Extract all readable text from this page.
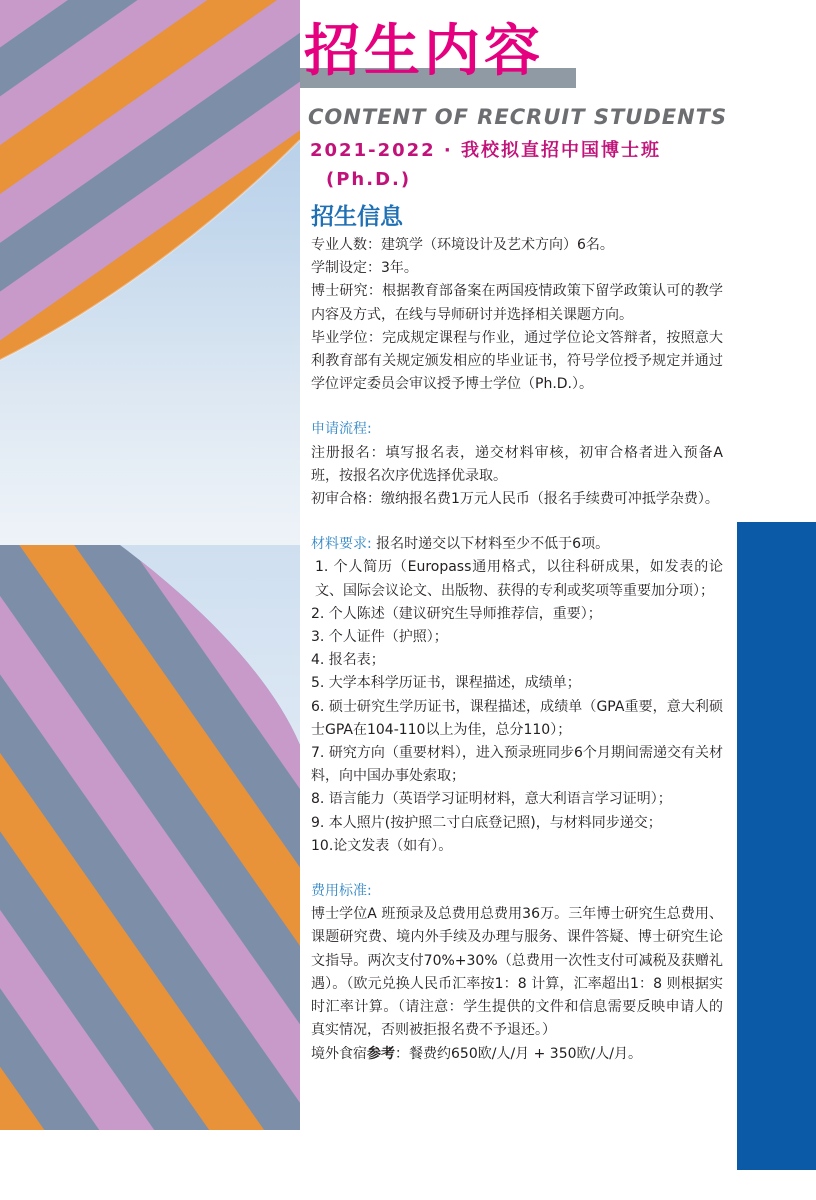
招生内容
CONTENT OF RECRUIT STUDENTS
2021-2022 · 我校拟直招中国博士班
(Ph.D.)
招生信息

专业人数：建筑学（环境设计及艺术方向）6名。

学制设定：3年。

博士研究：根据教育部备案在两国疫情政策下留学政策认可的教学内容及方式，在线与导师研讨并选择相关课题方向。

毕业学位：完成规定课程与作业，通过学位论文答辩者，按照意大利教育部有关规定颁发相应的毕业证书，符号学位授予规定并通过学位评定委员会审议授予博士学位（Ph.D.）。

申请流程:

注册报名：填写报名表，递交材料审核，初审合格者进入预备A班，按报名次序优选择优录取。

初审合格：缴纳报名费1万元人民币（报名手续费可冲抵学杂费）。

材料要求: 报名时递交以下材料至少不低于6项。

1. 个人简历（Europass通用格式，以往科研成果，如发表的论文、国际会议论文、出版物、获得的专利或奖项等重要加分项）；

2. 个人陈述（建议研究生导师推荐信，重要）；

3. 个人证件（护照）；

4. 报名表；

5. 大学本科学历证书，课程描述，成绩单；

6. 硕士研究生学历证书，课程描述，成绩单（GPA重要，意大利硕士GPA在104-110以上为佳，总分110）；

7. 研究方向（重要材料），进入预录班同步6个月期间需递交有关材料，向中国办事处索取；

8. 语言能力（英语学习证明材料，意大利语言学习证明）；

9. 本人照片(按护照二寸白底登记照)，与材料同步递交；

10.论文发表（如有）。

费用标准:

博士学位A 班预录及总费用总费用36万。三年博士研究生总费用、课题研究费、境内外手续及办理与服务、课件答疑、博士研究生论文指导。两次支付70%+30%（总费用一次性支付可减税及获赠礼遇）。（欧元兑换人民币汇率按1：8 计算，汇率超出1：8 则根据实时汇率计算。（请注意：学生提供的文件和信息需要反映申请人的真实情况，否则被拒报名费不予退还。）

境外食宿参考：餐费约650欧/人/月 + 350欧/人/月。
